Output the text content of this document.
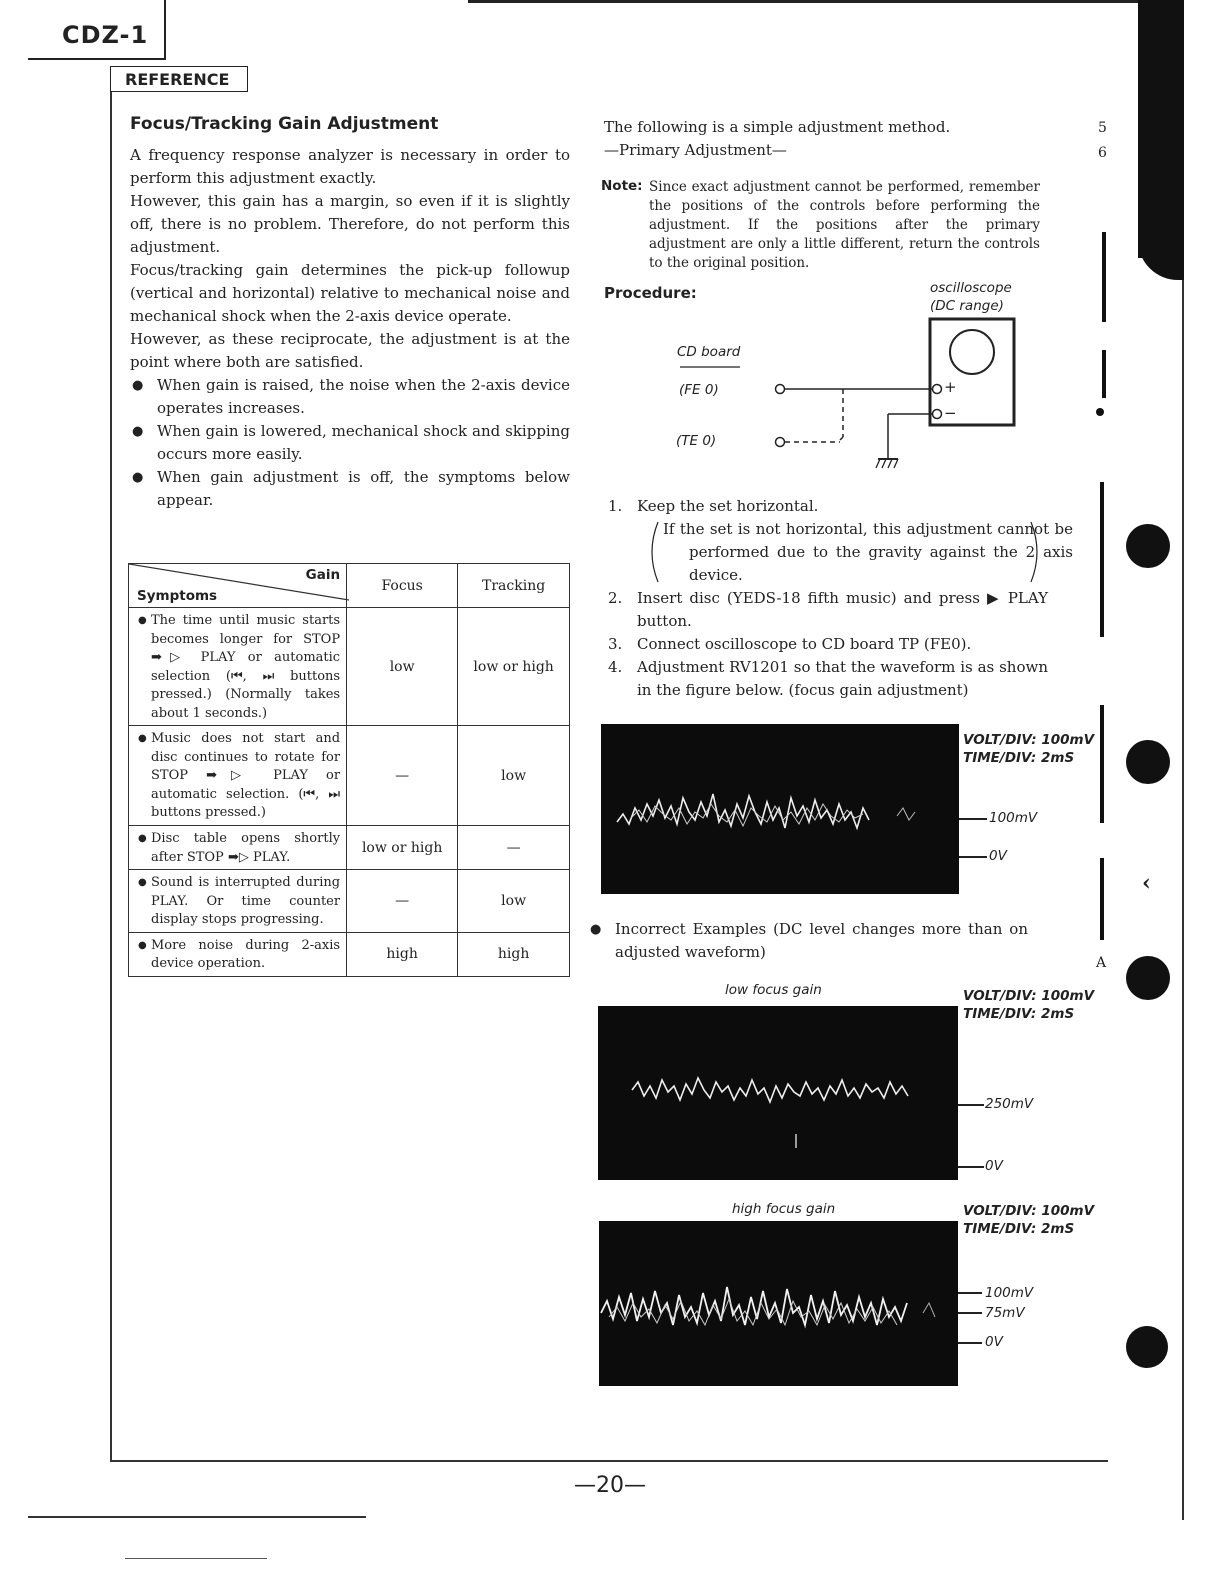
CDZ-1
REFERENCE
—20—
5
6
A
‹
Focus/Tracking Gain Adjustment

A frequency response analyzer is necessary in order to perform this adjustment exactly.

However, this gain has a margin, so even if it is slightly off, there is no problem. Therefore, do not perform this adjustment.

Focus/tracking gain determines the pick-up followup (vertical and horizontal) relative to mechanical noise and mechanical shock when the 2-axis device operate.

However, as these reciprocate, the adjustment is at the point where both are satisfied.

● When gain is raised, the noise when the 2-axis device operates increases.
● When gain is lowered, mechanical shock and skipping occurs more easily.
● When gain adjustment is off, the symptoms below appear.
Gain
Symptoms	Focus	Tracking
● The time until music starts becomes longer for STOP ➡▷ PLAY or automatic selection (⏮, ⏭ buttons pressed.) (Normally takes about 1 seconds.)	low	low or high
● Music does not start and disc continues to rotate for STOP ➡▷ PLAY or automatic selection. (⏮, ⏭ buttons pressed.)	—	low
● Disc table opens shortly after STOP ➡▷ PLAY.	low or high	—
● Sound is interrupted during PLAY. Or time counter display stops progressing.	—	low
● More noise during 2-axis device operation.	high	high

The following is a simple adjustment method.

—Primary Adjustment—

Note: Since exact adjustment cannot be performed, remember the positions of the controls before performing the adjustment. If the positions after the primary adjustment are only a little different, return the controls to the original position.
Procedure:	oscilloscope
(DC range)
CD board
(FE 0)
(TE 0)
+
−
1. Keep the set horizontal.
If the set is not horizontal, this adjustment cannot be performed due to the gravity against the 2 axis device.
2. Insert disc (YEDS-18 fifth music) and press ▶ PLAY button.
3. Connect oscilloscope to CD board TP (FE0).
4. Adjustment RV1201 so that the waveform is as shown in the figure below. (focus gain adjustment)
VOLT/DIV: 100mV
TIME/DIV: 2mS
100mV
0V
● Incorrect Examples (DC level changes more than on adjusted waveform)
low focus gain	VOLT/DIV: 100mV
TIME/DIV: 2mS
250mV
0V
high focus gain	VOLT/DIV: 100mV
TIME/DIV: 2mS
100mV
75mV
0V
